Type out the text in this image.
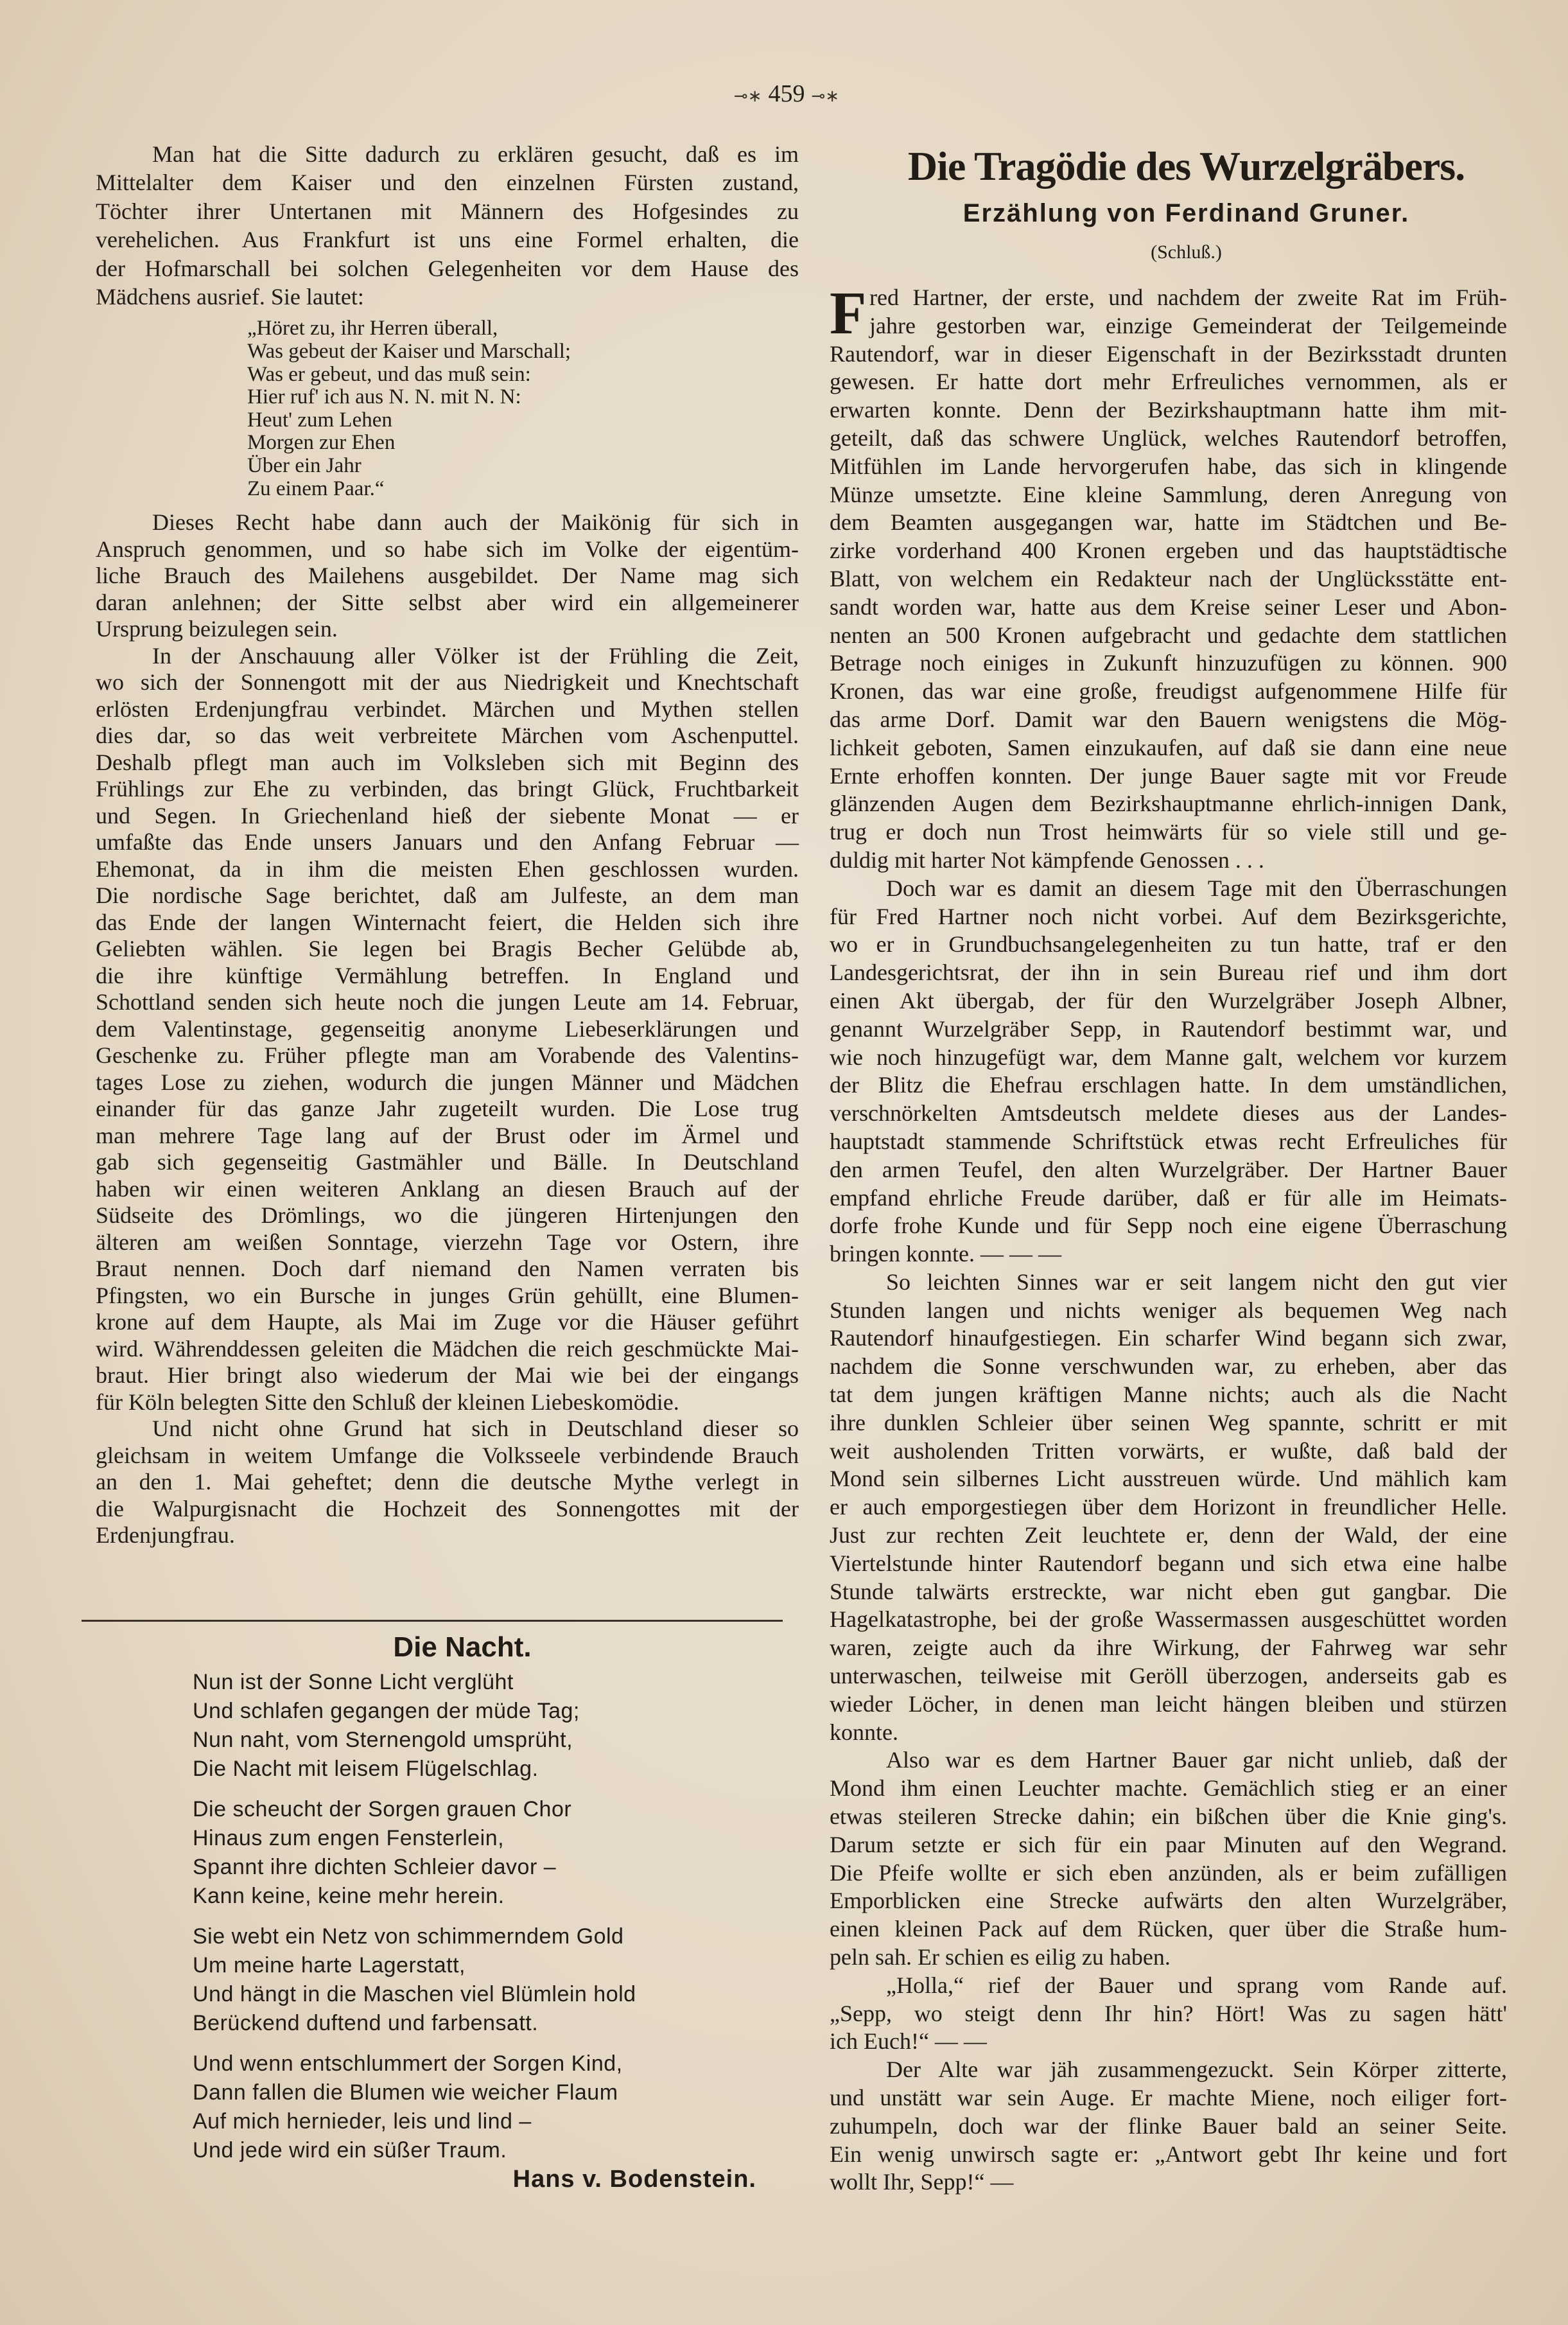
⊸∗ 459 ⊸∗
Man hat die Sitte dadurch zu erklären gesucht, daß es im
Mittelalter dem Kaiser und den einzelnen Fürsten zustand,
Töchter ihrer Untertanen mit Männern des Hofgesindes zu
verehelichen. Aus Frankfurt ist uns eine Formel erhalten, die
der Hofmarschall bei solchen Gelegenheiten vor dem Hause des
Mädchens ausrief. Sie lautet:
„Höret zu, ihr Herren überall,
Was gebeut der Kaiser und Marschall;
Was er gebeut, und das muß sein:
Hier ruf' ich aus N. N. mit N. N:
Heut' zum Lehen
Morgen zur Ehen
Über ein Jahr
Zu einem Paar.“
Dieses Recht habe dann auch der Maikönig für sich in
Anspruch genommen, und so habe sich im Volke der eigentüm-
liche Brauch des Mailehens ausgebildet. Der Name mag sich
daran anlehnen; der Sitte selbst aber wird ein allgemeinerer
Ursprung beizulegen sein.
In der Anschauung aller Völker ist der Frühling die Zeit,
wo sich der Sonnengott mit der aus Niedrigkeit und Knechtschaft
erlösten Erdenjungfrau verbindet. Märchen und Mythen stellen
dies dar, so das weit verbreitete Märchen vom Aschenputtel.
Deshalb pflegt man auch im Volksleben sich mit Beginn des
Frühlings zur Ehe zu verbinden, das bringt Glück, Fruchtbarkeit
und Segen. In Griechenland hieß der siebente Monat — er
umfaßte das Ende unsers Januars und den Anfang Februar —
Ehemonat, da in ihm die meisten Ehen geschlossen wurden.
Die nordische Sage berichtet, daß am Julfeste, an dem man
das Ende der langen Winternacht feiert, die Helden sich ihre
Geliebten wählen. Sie legen bei Bragis Becher Gelübde ab,
die ihre künftige Vermählung betreffen. In England und
Schottland senden sich heute noch die jungen Leute am 14. Februar,
dem Valentinstage, gegenseitig anonyme Liebeserklärungen und
Geschenke zu. Früher pflegte man am Vorabende des Valentins-
tages Lose zu ziehen, wodurch die jungen Männer und Mädchen
einander für das ganze Jahr zugeteilt wurden. Die Lose trug
man mehrere Tage lang auf der Brust oder im Ärmel und
gab sich gegenseitig Gastmähler und Bälle. In Deutschland
haben wir einen weiteren Anklang an diesen Brauch auf der
Südseite des Drömlings, wo die jüngeren Hirtenjungen den
älteren am weißen Sonntage, vierzehn Tage vor Ostern, ihre
Braut nennen. Doch darf niemand den Namen verraten bis
Pfingsten, wo ein Bursche in junges Grün gehüllt, eine Blumen-
krone auf dem Haupte, als Mai im Zuge vor die Häuser geführt
wird. Währenddessen geleiten die Mädchen die reich geschmückte Mai-
braut. Hier bringt also wiederum der Mai wie bei der eingangs
für Köln belegten Sitte den Schluß der kleinen Liebeskomödie.
Und nicht ohne Grund hat sich in Deutschland dieser so
gleichsam in weitem Umfange die Volksseele verbindende Brauch
an den 1. Mai geheftet; denn die deutsche Mythe verlegt in
die Walpurgisnacht die Hochzeit des Sonnengottes mit der
Erdenjungfrau.
Die Nacht.
Nun ist der Sonne Licht verglüht
Und schlafen gegangen der müde Tag;
Nun naht, vom Sternengold umsprüht,
Die Nacht mit leisem Flügelschlag.
Die scheucht der Sorgen grauen Chor
Hinaus zum engen Fensterlein,
Spannt ihre dichten Schleier davor –
Kann keine, keine mehr herein.
Sie webt ein Netz von schimmerndem Gold
Um meine harte Lagerstatt,
Und hängt in die Maschen viel Blümlein hold
Berückend duftend und farbensatt.
Und wenn entschlummert der Sorgen Kind,
Dann fallen die Blumen wie weicher Flaum
Auf mich hernieder, leis und lind –
Und jede wird ein süßer Traum.
Hans v. Bodenstein.
Die Tragödie des Wurzelgräbers.
Erzählung von Ferdinand Gruner.
(Schluß.)
F red Hartner, der erste, und nachdem der zweite Rat im Früh-
jahre gestorben war, einzige Gemeinderat der Teilgemeinde
Rautendorf, war in dieser Eigenschaft in der Bezirksstadt drunten
gewesen. Er hatte dort mehr Erfreuliches vernommen, als er
erwarten konnte. Denn der Bezirkshauptmann hatte ihm mit-
geteilt, daß das schwere Unglück, welches Rautendorf betroffen,
Mitfühlen im Lande hervorgerufen habe, das sich in klingende
Münze umsetzte. Eine kleine Sammlung, deren Anregung von
dem Beamten ausgegangen war, hatte im Städtchen und Be-
zirke vorderhand 400 Kronen ergeben und das hauptstädtische
Blatt, von welchem ein Redakteur nach der Unglücksstätte ent-
sandt worden war, hatte aus dem Kreise seiner Leser und Abon-
nenten an 500 Kronen aufgebracht und gedachte dem stattlichen
Betrage noch einiges in Zukunft hinzuzufügen zu können. 900
Kronen, das war eine große, freudigst aufgenommene Hilfe für
das arme Dorf. Damit war den Bauern wenigstens die Mög-
lichkeit geboten, Samen einzukaufen, auf daß sie dann eine neue
Ernte erhoffen konnten. Der junge Bauer sagte mit vor Freude
glänzenden Augen dem Bezirkshauptmanne ehrlich-innigen Dank,
trug er doch nun Trost heimwärts für so viele still und ge-
duldig mit harter Not kämpfende Genossen . . .
Doch war es damit an diesem Tage mit den Überraschungen
für Fred Hartner noch nicht vorbei. Auf dem Bezirksgerichte,
wo er in Grundbuchsangelegenheiten zu tun hatte, traf er den
Landesgerichtsrat, der ihn in sein Bureau rief und ihm dort
einen Akt übergab, der für den Wurzelgräber Joseph Albner,
genannt Wurzelgräber Sepp, in Rautendorf bestimmt war, und
wie noch hinzugefügt war, dem Manne galt, welchem vor kurzem
der Blitz die Ehefrau erschlagen hatte. In dem umständlichen,
verschnörkelten Amtsdeutsch meldete dieses aus der Landes-
hauptstadt stammende Schriftstück etwas recht Erfreuliches für
den armen Teufel, den alten Wurzelgräber. Der Hartner Bauer
empfand ehrliche Freude darüber, daß er für alle im Heimats-
dorfe frohe Kunde und für Sepp noch eine eigene Überraschung
bringen konnte. — — —
So leichten Sinnes war er seit langem nicht den gut vier
Stunden langen und nichts weniger als bequemen Weg nach
Rautendorf hinaufgestiegen. Ein scharfer Wind begann sich zwar,
nachdem die Sonne verschwunden war, zu erheben, aber das
tat dem jungen kräftigen Manne nichts; auch als die Nacht
ihre dunklen Schleier über seinen Weg spannte, schritt er mit
weit ausholenden Tritten vorwärts, er wußte, daß bald der
Mond sein silbernes Licht ausstreuen würde. Und mählich kam
er auch emporgestiegen über dem Horizont in freundlicher Helle.
Just zur rechten Zeit leuchtete er, denn der Wald, der eine
Viertelstunde hinter Rautendorf begann und sich etwa eine halbe
Stunde talwärts erstreckte, war nicht eben gut gangbar. Die
Hagelkatastrophe, bei der große Wassermassen ausgeschüttet worden
waren, zeigte auch da ihre Wirkung, der Fahrweg war sehr
unterwaschen, teilweise mit Geröll überzogen, anderseits gab es
wieder Löcher, in denen man leicht hängen bleiben und stürzen
konnte.
Also war es dem Hartner Bauer gar nicht unlieb, daß der
Mond ihm einen Leuchter machte. Gemächlich stieg er an einer
etwas steileren Strecke dahin; ein bißchen über die Knie ging's.
Darum setzte er sich für ein paar Minuten auf den Wegrand.
Die Pfeife wollte er sich eben anzünden, als er beim zufälligen
Emporblicken eine Strecke aufwärts den alten Wurzelgräber,
einen kleinen Pack auf dem Rücken, quer über die Straße hum-
peln sah. Er schien es eilig zu haben.
„Holla,“ rief der Bauer und sprang vom Rande auf.
„Sepp, wo steigt denn Ihr hin? Hört! Was zu sagen hätt'
ich Euch!“ — —
Der Alte war jäh zusammengezuckt. Sein Körper zitterte,
und unstätt war sein Auge. Er machte Miene, noch eiliger fort-
zuhumpeln, doch war der flinke Bauer bald an seiner Seite.
Ein wenig unwirsch sagte er: „Antwort gebt Ihr keine und fort
wollt Ihr, Sepp!“ —
